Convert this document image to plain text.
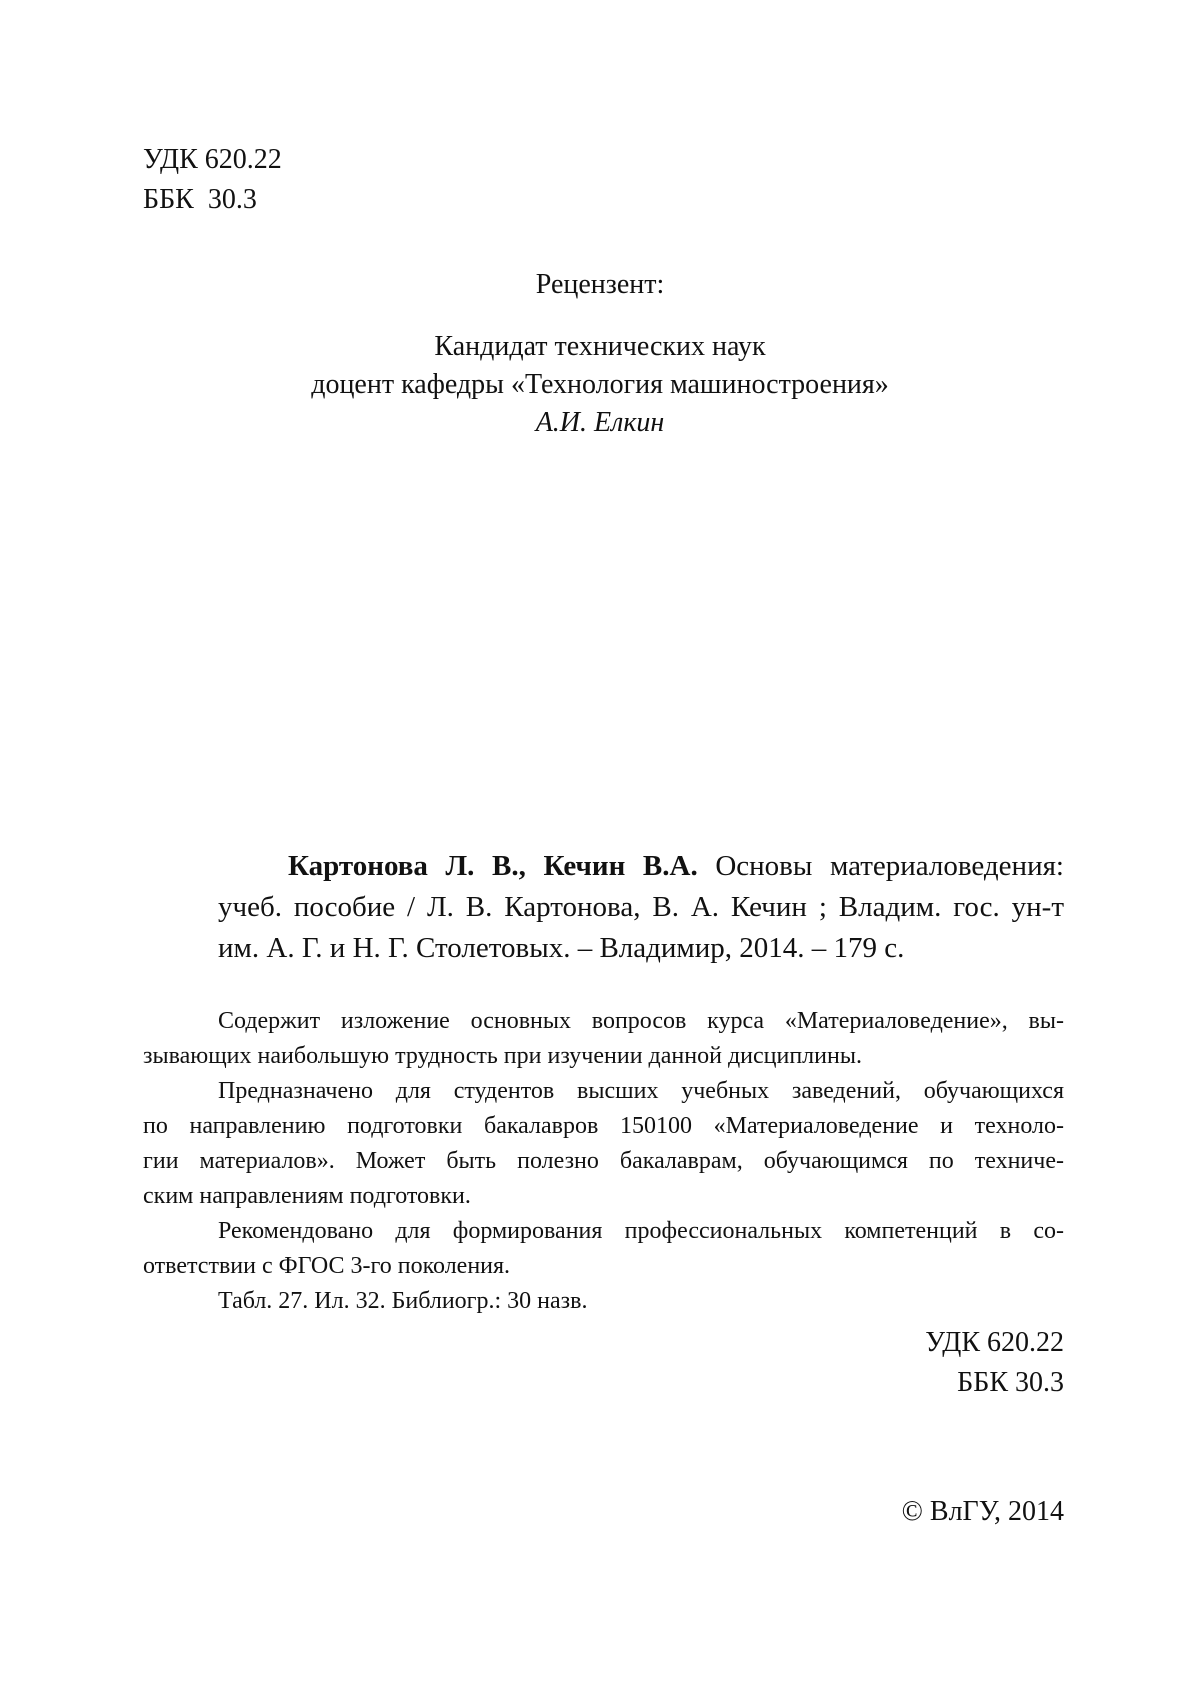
УДК 620.22
ББК  30.3
Рецензент:
Кандидат технических наук
доцент кафедры «Технология машиностроения»
А.И. Елкин
Картонова Л. В., Кечин В.А. Основы материаловедения:
учеб. пособие / Л. В. Картонова, В. А. Кечин ; Владим. гос. ун-т
им. А. Г. и Н. Г. Столетовых. – Владимир, 2014. – 179 с.
Содержит изложение основных вопросов курса «Материаловедение», вы-
зывающих наибольшую трудность при изучении данной дисциплины.
Предназначено для студентов высших учебных заведений, обучающихся
по направлению подготовки бакалавров 150100 «Материаловедение и техноло-
гии материалов». Может быть полезно бакалаврам, обучающимся по техниче-
ским направлениям подготовки.
Рекомендовано для формирования профессиональных компетенций в со-
ответствии с ФГОС 3-го поколения.
Табл. 27. Ил. 32. Библиогр.: 30 назв.
УДК 620.22
ББК 30.3
© ВлГУ, 2014
